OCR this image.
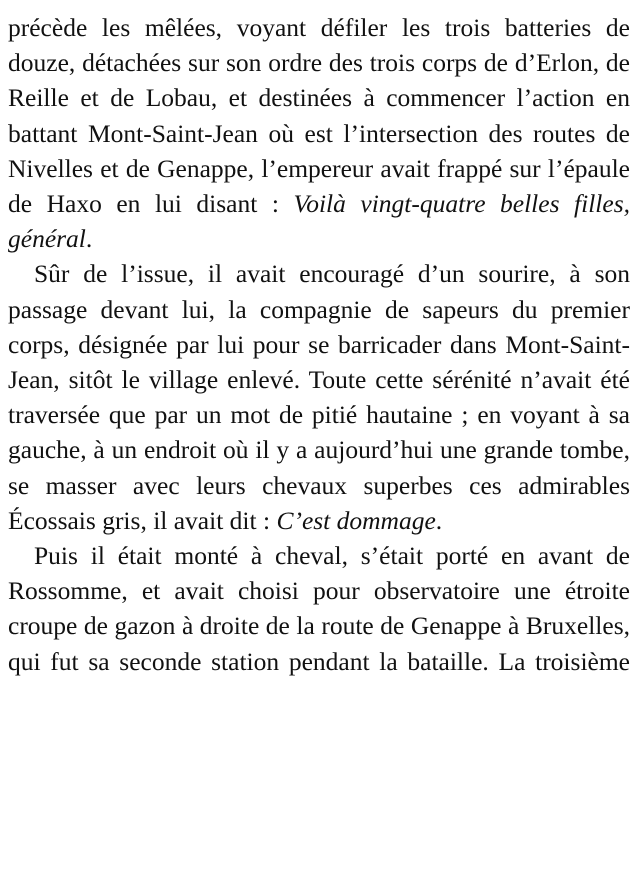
précède les mêlées, voyant défiler les trois batteries de douze, détachées sur son ordre des trois corps de d’Erlon, de Reille et de Lobau, et destinées à commencer l’action en battant Mont-Saint-Jean où est l’intersection des routes de Nivelles et de Genappe, l’empereur avait frappé sur l’épaule de Haxo en lui disant : Voilà vingt-quatre belles filles, général.

Sûr de l’issue, il avait encouragé d’un sourire, à son passage devant lui, la compagnie de sapeurs du premier corps, désignée par lui pour se barricader dans Mont-Saint-Jean, sitôt le village enlevé. Toute cette sérénité n’avait été traversée que par un mot de pitié hautaine ; en voyant à sa gauche, à un endroit où il y a aujourd’hui une grande tombe, se masser avec leurs chevaux superbes ces admirables Écossais gris, il avait dit : C’est dommage.

Puis il était monté à cheval, s’était porté en avant de Rossomme, et avait choisi pour observatoire une étroite croupe de gazon à droite de la route de Genappe à Bruxelles, qui fut sa seconde station pendant la bataille. La troisième
